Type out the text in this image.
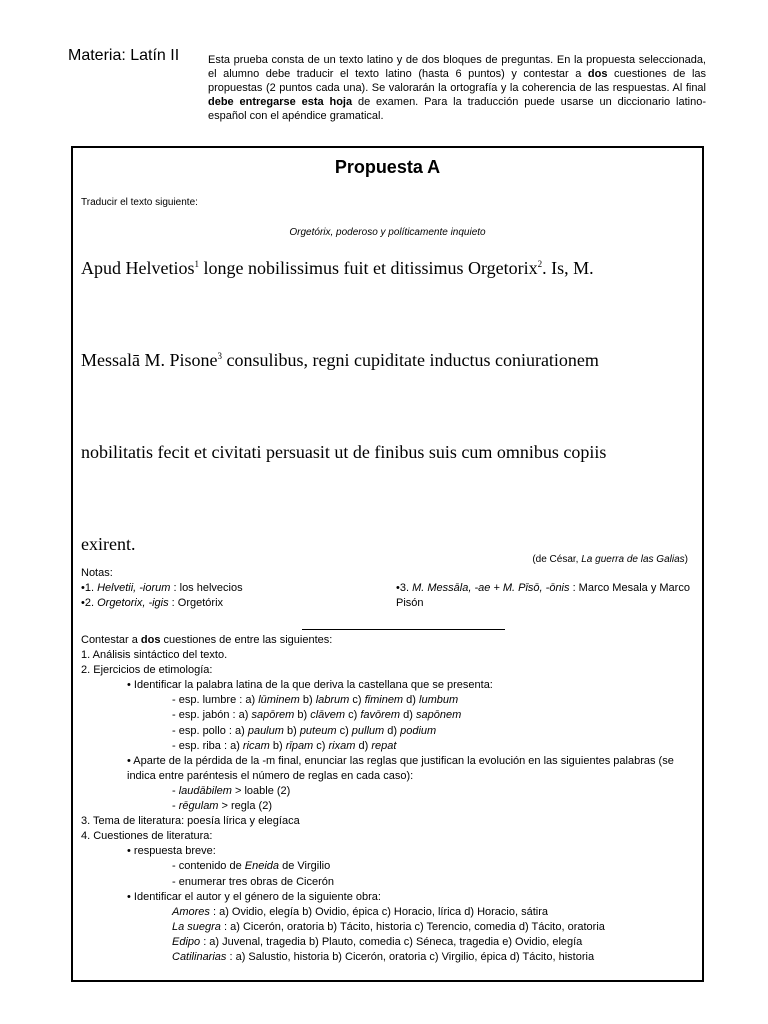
Materia: Latín II	Esta prueba consta de un texto latino y de dos bloques de preguntas. En la propuesta seleccionada, el alumno debe traducir el texto latino (hasta 6 puntos) y contestar a dos cuestiones de las propuestas (2 puntos cada una). Se valorarán la ortografía y la coherencia de las respuestas. Al final debe entregarse esta hoja de examen. Para la traducción puede usarse un diccionario latino-español con el apéndice gramatical.
Propuesta A
Traducir el texto siguiente:
Orgetórix, poderoso y políticamente inquieto
Apud Helvetios$^1$ longe nobilissimus fuit et ditissimus Orgetorix$^2$. Is, M.
Messalā M. Pisone$^3$ consulibus, regni cupiditate inductus coniurationem
nobilitatis fecit et civitati persuasit ut de finibus suis cum omnibus copiis
exirent.
(de César, La guerra de las Galias)
Notas:
•1. Helvetii, -iorum : los helvecios
•2. Orgetorix, -igis : Orgetórix
•3. M. Messāla, -ae + M. Pīsō, -ōnis : Marco Mesala y Marco Pisón
Contestar a dos cuestiones de entre las siguientes:
1. Análisis sintáctico del texto.
2. Ejercicios de etimología:
• Identificar la palabra latina de la que deriva la castellana que se presenta:
- esp. lumbre : a) lūminem b) labrum c) fīminem d) lumbum
- esp. jabón : a) sapōrem b) clāvem c) favōrem d) sapōnem
- esp. pollo : a) paulum b) puteum c) pullum d) podium
- esp. riba : a) ricam b) rīpam c) rixam d) repat
• Aparte de la pérdida de la -m final, enunciar las reglas que justifican la evolución en las siguientes palabras (se indica entre paréntesis el número de reglas en cada caso):
- laudābilem > loable (2)
- rēgulam > regla (2)
3. Tema de literatura: poesía lírica y elegíaca
4. Cuestiones de literatura:
• respuesta breve:
- contenido de Eneida de Virgilio
- enumerar tres obras de Cicerón
• Identificar el autor y el género de la siguiente obra:
Amores : a) Ovidio, elegía b) Ovidio, épica c) Horacio, lírica d) Horacio, sátira
La suegra : a) Cicerón, oratoria b) Tácito, historia c) Terencio, comedia d) Tácito, oratoria
Edipo : a) Juvenal, tragedia b) Plauto, comedia c) Séneca, tragedia e) Ovidio, elegía
Catilinarias : a) Salustio, historia b) Cicerón, oratoria c) Virgilio, épica d) Tácito, historia
